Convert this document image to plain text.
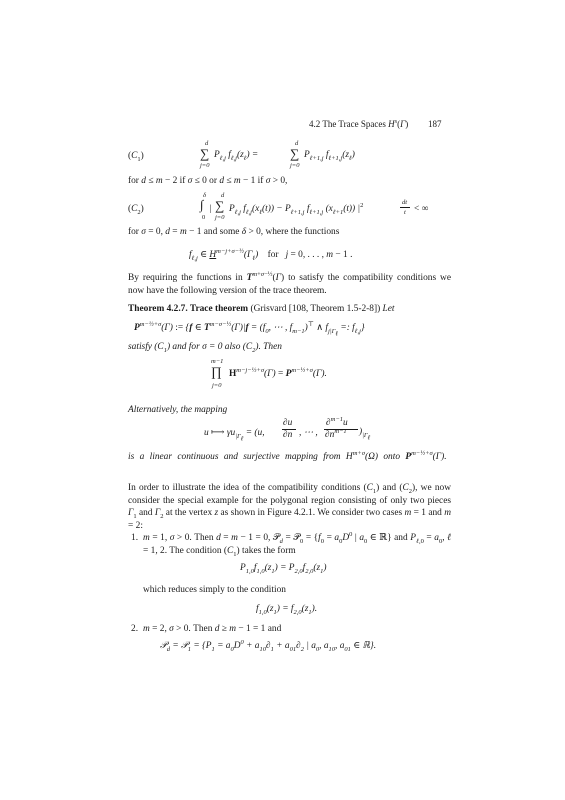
4.2 The Trace Spaces $H^s(\Gamma)$ 187
$(C_1)$
d
∑
j=0
$P_{\ell,j}$ $f_{\ell,j}(z_\ell)$ =
d
∑
j=0
$P_{\ell+1,j}$ $f_{\ell+1,j}(z_\ell)$
for d ≤ m − 2 if σ ≤ 0 or d ≤ m − 1 if σ > 0,
$(C_2)$
δ
∫
0
d
| ∑
j=0
$P_{\ell,j}$ $f_{\ell,j}(x_\ell(t)) - P_{\ell+1,j}$ $f_{\ell+1,j}$ $(x_{\ell+1}(t))$ $|^2$	dt
t < ∞
for σ = 0, d = m − 1 and some δ > 0, where the functions
$f_{\ell,j}$ ∈ $H^{m-j+\sigma-\frac{1}{2}}(\Gamma_\ell)$    for   j = 0, . . . , m − 1 .
By requiring the functions in $T^{m+\sigma-\frac{1}{2}}(\Gamma)$ to satisfy the compatibility conditions we now have the following version of the trace theorem.
Theorem 4.2.7. Trace theorem (Grisvard [108, Theorem 1.5-2-8]) Let
$P^{m-\frac{1}{2}+\sigma}(\Gamma)$ := {f ∈ $T^{m-\sigma-\frac{1}{2}}(\Gamma)|f = (f_0$, ⋯ , $f_{m-1})^⊤$ ∧ $f_{j|\Gamma_\ell}$ =: $f_{\ell,j}$}
satisfy $(C_1)$ and for σ = 0 also $(C_2)$. Then
m−1
∏
j=0
$H^{m-j-\frac{1}{2}+\sigma}(\Gamma) = P^{m-\frac{1}{2}+\sigma}(\Gamma)$.
Alternatively, the mapping
u ⟼ $\gamma u_{|\Gamma_\ell} = (u$,
∂u
∂n , ⋯ ,
∂$^{m-1}$u
$\partial n^{m-1}$ )$_{|\Gamma_\ell}$
is a linear continuous and surjective mapping from $H^{m+\sigma}(\Omega)$ onto $P^{m-\frac{1}{2}+\sigma}(\Gamma)$.
In order to illustrate the idea of the compatibility conditions $(C_1)$ and $(C_2)$, we now consider the special example for the polygonal region consisting of only two pieces $\Gamma_1$ and $\Gamma_2$ at the vertex z as shown in Figure 4.2.1. We consider two cases m = 1 and m = 2:
1. m = 1, σ > 0. Then d = m − 1 = 0, 𝒫$_d$ = 𝒫$_0$ = {$f_0 = a_0D^0$ | $a_0$ ∈ ℝ} and $P_{\ell,0} = a_0$, ℓ = 1, 2. The condition $(C_1)$ takes the form
$P_{1,0}f_{1,0}(z_1) = P_{2,0}f_{2,0}(z_1)$
which reduces simply to the condition
$f_{1,0}(z_1) = f_{2,0}(z_1)$.
2. m = 2, σ > 0. Then d ≥ m − 1 = 1 and
𝒫$_d$ = 𝒫$_1$ = {$P_1 = a_0D^0 + a_{10}\partial_1 + a_{01}\partial_2$ | $a_0$, $a_{10}$, $a_{01}$ ∈ ℝ}.
